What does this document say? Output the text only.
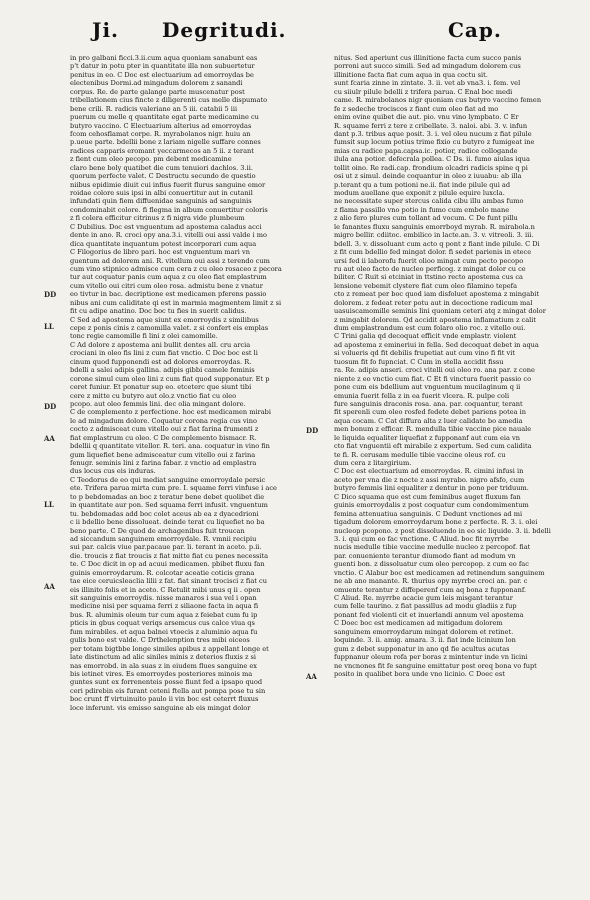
Ji. Degritudi.	Cap.
DD
LL
DD
AA
LL
AA
DD
AA
in pro galbani ficci.3.ii.cum aqua quoniam sanabunt eas
p't datur in potu pter in quantitate illa non subuertetur
penitus in eo. C Doc est electuarium ad emorroydas be
electenibus Dormi.ad mingadum dolorem z sanandi
corpus. Re. de parte galange parte muscenatur post
tribellationem cius fincte z diligerenti cus melle dispumato
bene crili. R. radicis valeriane an 5 iii. catabii 5 iii
puerum cu melle q quantitate egat parte medicamine cu
butyro vaccino. C Electuarium alterius ad emorroydas
fcom cehosflamat corpe. R. myrabolanos nigr. huiu an
p.ueue parte. bdellii bone z lariam nigelle suffare connes
radices capparis eromant yeccarmecos an 5 ii. z terant
z fient cum oleo pecopo. pm debent medicamine
claro bene boly quatibet die cum tenuiori dachlos. 3.ii.
quorum perfecte valet. C Destructu secundo de questio
niibus epidimie diuit cui infius fuerit flurus sanguine emor
roidae colore suis ipsi in albi conuertitur aut in cutanil
infundati quin fiem diffuenidae sanguinis ad sanguinis
condominabit colore. fi flegma in album conuertitur coloris
z fi colera efficitur citrinus z fi nigra vide plumbeum
C Dubilius. Doc est vnguentum ad apostema caladus acci
dente in ano. R. croci opy ana.3.i. vitelli oui assi valde i mo
dica quantitate inquantum potest incorporari cum aqua
C Filogorius de libro pari. hoc est vnguentum mari vn
guentum ad dolorem ani. R. vitellum oui assi z terendo cum
cum vino stipnico admisce cum cera z cu oleo rosaceo z pecora
tur aut coquatur panis cum aqua z cu oleo fiat emplastrum
cum vitello oui citri cum oleo rosa. admistu bene z vnatur
eo tivtur in bac. decriptione est medicamen pferens passio
nibus ani cum caliditate qi est in marmia magmentem limit z si
fit cu adipe anatino. Doc boc tu fies in suerit calidus.
C Sed ad apostema aque siunt ex emorroydis z similibus
cepe z ponis cinis z camomilla valet. z si confert eis emplas
tonc regie camomille fi lini z olei camomille.
C Ad dolore z apostema ani bullit dentes all. cru arcia
crociani in oleo fis lini z cum fiat vnctio. C Doc boc est li
cinum quod fupponendi est ad dolores emorroydas. R.
bdelli a salei adipis gallina. adipis gibbi camele feminis
corone simul cum oleo lini z cum fiat quod supponatur. Et p
ceret funiur. Et ponatur sup eo. etceterc que siunt tibi
cere z mitte cu butyro aut olo.z vnctio fiat cu oleo
pcopo. aut oleo femmis lini. dec olia mingant dolore.
C de complemento z perfectione. hoc est medicamen mirabi
le ad mingadum dolore. Coquatur corona regia cus vino
cocto z admisceat cum vitello oui z fiat farina frumenti z
fiat emplastrum cu oleo. C De complemento bismacr. R.
bdellii q quantitate vitellor. R. teri. ana. coquatur in vino fin
gum liquefiet bene admisceatur cum vitello oui z farina
fenugr. seminis lini z farina fabar. z vnctio ad emplastra
dus locus cus eis induras.
C Teodorus de eo qui mediat sanguine emorroydale persic
ete. Trifera parua mirta cum pre. I. squame ferri vinfuse i ace
to p bebdomadas an boc z teratur bene debet quolibet die
in quantitate aur pon. Sed squama ferri infusit. vnguentum
tu. bebdomadas add boc colet aceus ab ea z dyacedrioni
c ii bdellio bene dissolueat. deinde terat cu liquefiet no ba
beno parte. C De quod de archagenibus fuit troucan
ad siccandum sanguinem emorroydale. R. vmnii recipiu
sui par. calcis viue par.pacaue par. li. terant in aceto. p.ii.
die. troucis z fiat troucis z fiat mitte fiat cu penes necessita
te. C Doc dicit in op ad acuui medicamen. pbibet fluxu fan
guinis emorroydarum. R. colcotar aceatie coticis grana
tae eice ceruicsleaclia lilii z fat. fiat sinant trocisci z fiat cu
eis illinito folis et in aceto. C Retulit mibi unus q ii . open
sit sanguinis emorroydis. nisse manaros i sua vel i opan
medicine nisi per squama ferri z siliaone facta in aqua fi
bus. R. aluminis oleum tur cum aqua z feiebat cum fu ip
pticis in gbus coquat veriqs arsemcus cus calce viua qs
fum mirabiles. et aqua balnei vtoecis z aluminio aqua fu
gulis bono est valde. C Drthelenption tres mibi oiceos
per totam bigtbbe longe similes apibus z appellant longe et
late distinctum ad alic siniles minis z deterios fluxis z si
nas emorrobd. in ala suas z in eiudem flues sanguine ex
bis ietinet vires. Es emorroydes posteriores minois ma
guntes sunt ex forrenenteis posse fiunt fed a ipsapo quod
ceri pdirebin eis furant ceteni ftella aut pompa pose tu sin
boc crunt ff virtuinuito paulo ii vin boc est ceterrt fluxus
loce inferunt. vis emisso sanguine ab eis mingat dolor
nitus. Sed aperiunt cus illinitione facta cum succo panis
porroni aut succo simili. Sed ad mingadum dolorem cus
illinitione facta fiat cum aqua in qua coctu sit.
sunt fcaria zinne in zintate. 3. ii. vet ab vna3. i. fem. vel
cu siiulr pilule bdelli z trifera parua. C Enal boc medi
came. R. mirabolanos nigr quoniam cus butyro vaccino femen
fe z sedeche trociscos z fiant cum oleo fiat ad mo
enim ovine quibet die aut. pio. vnu vino lympbato. C Er
R. squame ferri z tere z cribellate. 3. naloi. abi. 3. v. infun
dant p.3. tribus aque posit. 3. i. vel oleu nucum z fiat pilule
fumsit sup locum potius trime fixio cu butyro z fumigeat ine
mias cu radice papa.capsa.ic. potior, radice collogande
ilula ana potior. defecrala pollea. C Ds. ii. fumo aiulas iqua
tollit oino. Re radi.cap. frondium olcadri radicis spine q pi
osi ut z simul. deinde coquantur in oleo z iuuabu: ab illa
p.terant qu a tum potioni ne.ii. fiat inde pilule qui ad
modum auellane que exponit z pilule equire luxcla.
ne necessitate super stercus calida cibu illu ambas fumo
z flama passillo vno potio in fumo cum embolo mane
z alio fero plures cum tollant ad vocum. C De funt pillu
le fanantes fluxu sanguinis emorrboyd myrab. R. mirabola.n
migro bellir. cdiitoc. embilico in lacte.an. 3. v. vitreoli. 3. iii.
bdell. 3. v. dissoluant cum acto q pont z fiant inde pilule. C Di
z fit cum bdellio fed mingat dolor. fi sedet parienis in etece
ursi fed ii laborofu fuerit olioo mingat cum pecto pecopo
ru aut oleo facto de nucleo perficog. z mingat dolor cu ce
biliter. C Ruit si etciniat in ttstino recto apostema cus ca
lensione vebemit clystere fiat cum oleo filamino tepefa
cto z remeat per boc quod iam disfoluet apostema z mingabit
dolorem. z fedeat reter potu aut in decoctione radicum mal
uasuiscamomille seminis lini quoniam ceteri atq z mingat dolor
z mingabit dolorem. Qd accidit apostema inflamatium z calit
dum emplastrandum est cum folaro olio roc. z vitello oui.
C Trini galia qd decoquat efficit vnde emplastr. violent
ad apostema z emineriui in fella. Sed decoquat debet in aqua
si volueris qd fit debilis frupetiat aut cum vino fi fit vit
tuosum fit fo fupnciat. C Cum in stella accidit fissu
ra. Re. adipis anseri. croci vitelli oui oleo ro. ana par. z cone
niente z eo vnctio cum fiat. C Et fi vinctura fuerit passio co
pone cum eis bdellium aut vnguentum mucilaginum q ii
emunia fuerit fella z in ea fuerit vlcera. R. pulpe coli
fure sanguinis draconis rosa. ana. par. coquantur, terant
fit sperenli cum oleo rosfed fedete debet pariens potea in
aqua cocam. C Cat diffura alta z luer calidate bo amedia
men bonum z efficar. R. mendulla tibie vaccine pice nauale
le liquida equaliter liquefiat z fupponanf aut cum eia vn
cto fiat vnguentii eft mirabile z expertum. Sed cum calidita
te fi. R. cerusam medulle tibie vaccine oleus rof. cu
dum cera z litargirium.
C Doc est electuarium ad emorroydas. R. cimini infusi in
aceto per vna die z nocte z assi myrabo. nigro afsfo, cum
butyro femmis lini equaliter z dentur in pono per triduum.
C Dico squama que est cum feminibus auget fluxum fan
guinis emorroydalis z post coquatur cum condomimentum
femina attenuatiua sanguinis. C Dedunt vnctiones ad mi
tigadum dolorem emorroydarum bone z perfecte. R. 3. i. olei
nucleop pcopono. z post dissoluendo in eo sic liquide. 3. ii. bdelli
3. i. qui cum eo fac vnctione. C Aliud. boc fit myrrbe
nucis medulle tibie vaccine medulle nucleo z percopof. fiat
par. conueniente terantur diumodo fiant ad modum vn
guenti bon. z dissoluatur cum oleo percopop. z cum eo fac
vnctio. C Alabur boc est medicamen ad retinendum sanguinem
ne ab ano manante. R. thurius opy myrrbe croci an. par. c
omuente terantur z diffeperenf cum aq bona z fupponanf.
C Aliud. Re. myrrbe acacie gum leis misgant terantur
cum felle taurino. z fiat passillus ad modu gladiis z fup
ponant fed violenti cit et inuerlandi annum vel apostema
C Doec boc est medicamen ad mitigadum dolorem
sanguinem emorroydarum mingat dolorem et retinet.
loquinde. 3. ii. amig. amara. 3. ii. fiat inde licinium lon
gum z debet supponatur in ano qd fie acultus acutas
fuppnanur oleum rofa per boras z mintentur inde vn licini
ne vncnones fit fe sanguine emittatur post oreq bona vo fupt
posito in qualibet bora unde vno licinio. C Doec est
